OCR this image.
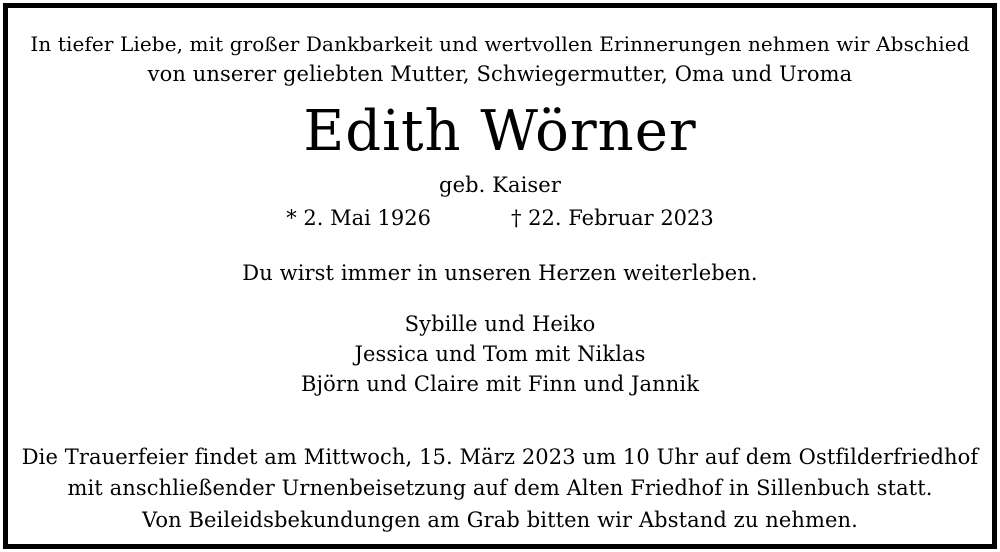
In tiefer Liebe, mit großer Dankbarkeit und wertvollen Erinnerungen nehmen wir Abschied
von unserer geliebten Mutter, Schwiegermutter, Oma und Uroma
Edith Wörner
geb. Kaiser
* 2. Mai 1926	† 22. Februar 2023
Du wirst immer in unseren Herzen weiterleben.
Sybille und Heiko
Jessica und Tom mit Niklas
Björn und Claire mit Finn und Jannik
Die Trauerfeier findet am Mittwoch, 15. März 2023 um 10 Uhr auf dem Ostfilderfriedhof
mit anschließender Urnenbeisetzung auf dem Alten Friedhof in Sillenbuch statt.
Von Beileidsbekundungen am Grab bitten wir Abstand zu nehmen.
